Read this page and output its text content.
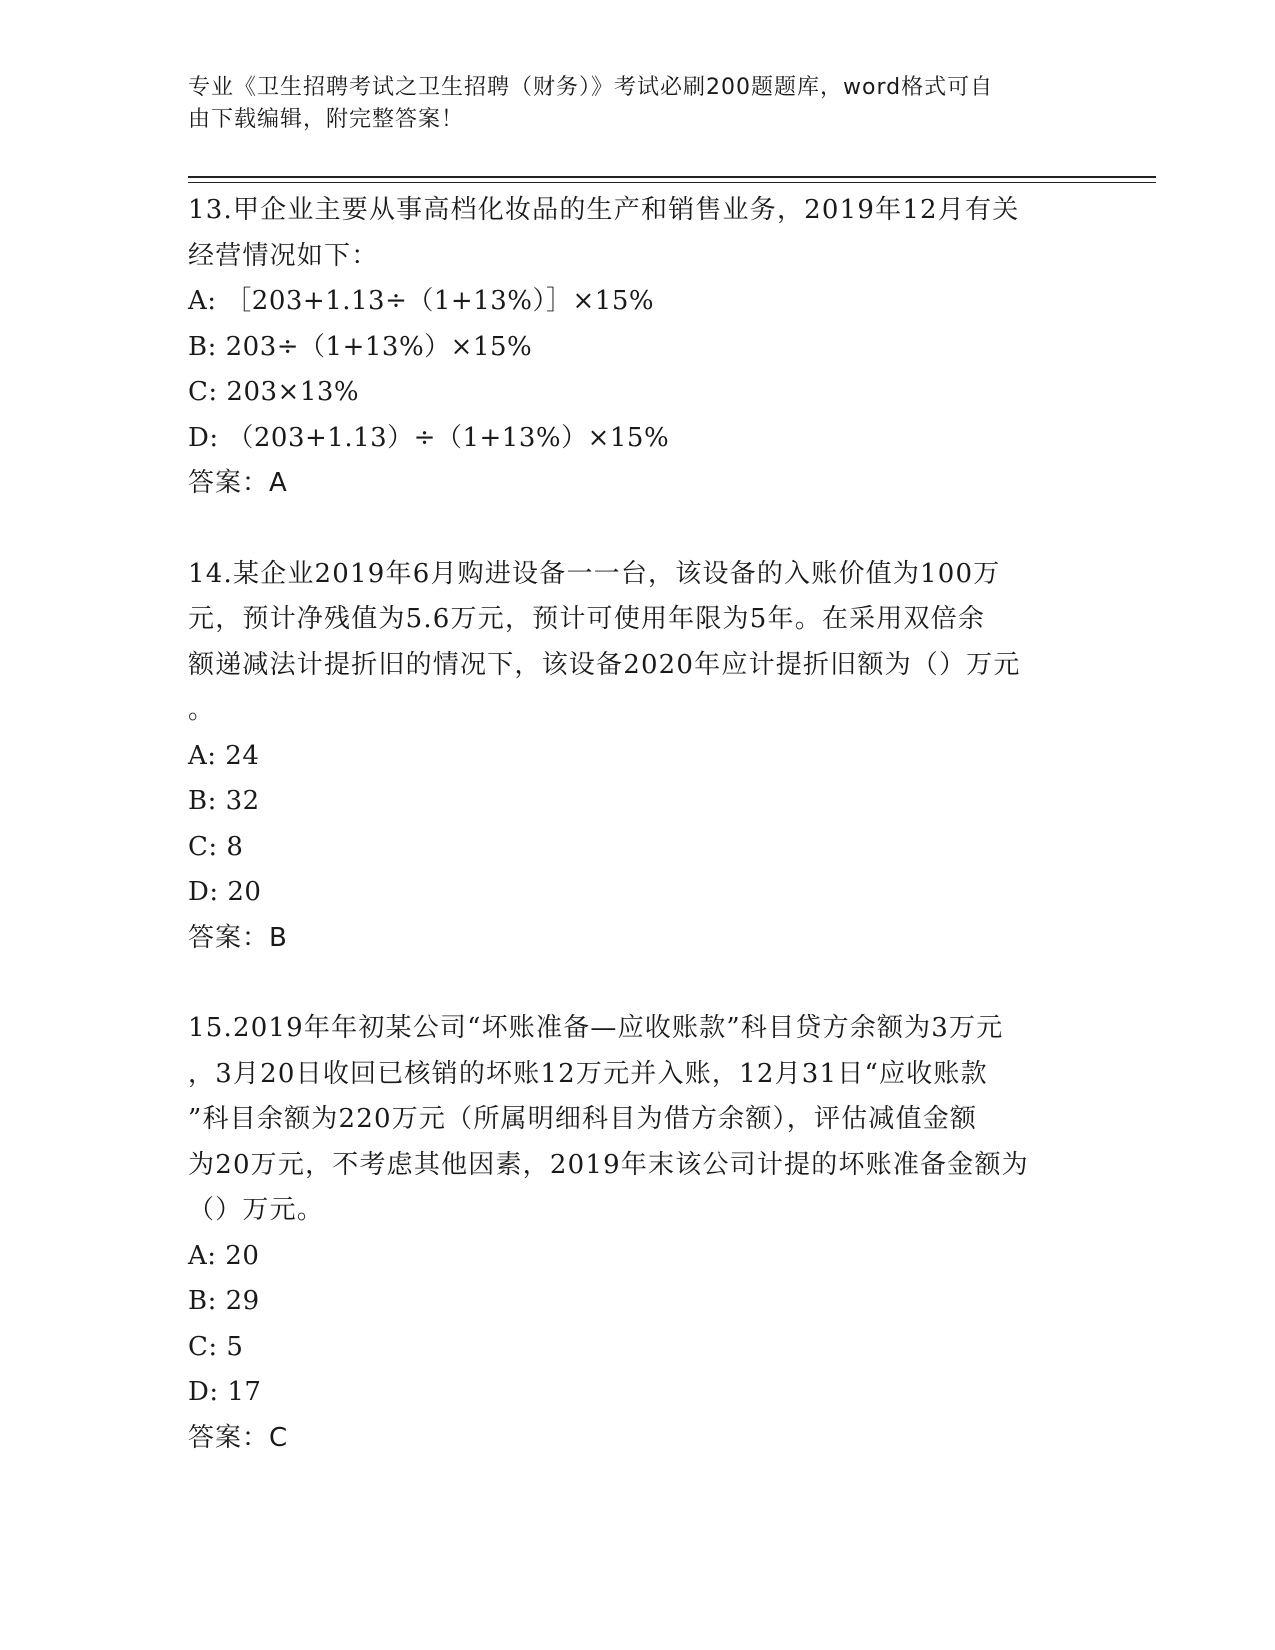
专业《卫生招聘考试之卫生招聘（财务）》考试必刷200题题库，word格式可自
由下载编辑，附完整答案！

13.甲企业主要从事高档化妆品的生产和销售业务，2019年12月有关

经营情况如下：

A: ［203+1.13÷（1+13%）］×15%

B: 203÷（1+13%）×15%

C: 203×13%

D: （203+1.13）÷（1+13%）×15%

答案：A

14.某企业2019年6月购进设备一一台，该设备的入账价值为100万

元，预计净残值为5.6万元，预计可使用年限为5年。在采用双倍余

额递减法计提折旧的情况下，该设备2020年应计提折旧额为（）万元

。

A: 24

B: 32

C: 8

D: 20

答案：B

15.2019年年初某公司“坏账准备—应收账款”科目贷方余额为3万元

，3月20日收回已核销的坏账12万元并入账，12月31日“应收账款

”科目余额为220万元（所属明细科目为借方余额），评估减值金额

为20万元，不考虑其他因素，2019年末该公司计提的坏账准备金额为

（）万元。

A: 20

B: 29

C: 5

D: 17

答案：C
